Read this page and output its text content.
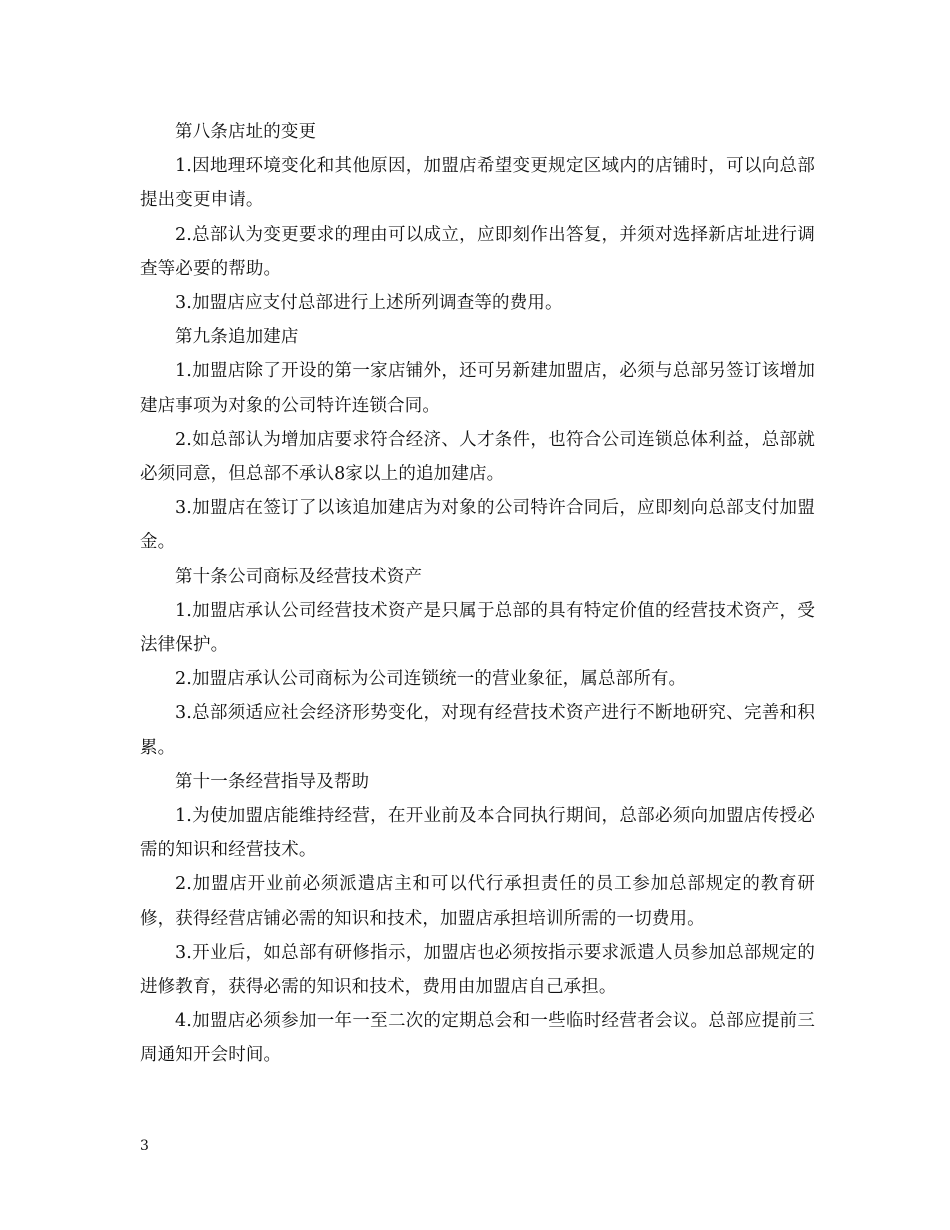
第八条店址的变更

1.因地理环境变化和其他原因，加盟店希望变更规定区域内的店铺时，可以向总部提出变更申请。

2.总部认为变更要求的理由可以成立，应即刻作出答复，并须对选择新店址进行调查等必要的帮助。

3.加盟店应支付总部进行上述所列调查等的费用。

第九条追加建店

1.加盟店除了开设的第一家店铺外，还可另新建加盟店，必须与总部另签订该增加建店事项为对象的公司特许连锁合同。

2.如总部认为增加店要求符合经济、人才条件，也符合公司连锁总体利益，总部就必须同意，但总部不承认8家以上的追加建店。

3.加盟店在签订了以该追加建店为对象的公司特许合同后，应即刻向总部支付加盟金。

第十条公司商标及经营技术资产

1.加盟店承认公司经营技术资产是只属于总部的具有特定价值的经营技术资产，受法律保护。

2.加盟店承认公司商标为公司连锁统一的营业象征，属总部所有。

3.总部须适应社会经济形势变化，对现有经营技术资产进行不断地研究、完善和积累。

第十一条经营指导及帮助

1.为使加盟店能维持经营，在开业前及本合同执行期间，总部必须向加盟店传授必需的知识和经营技术。

2.加盟店开业前必须派遣店主和可以代行承担责任的员工参加总部规定的教育研修，获得经营店铺必需的知识和技术，加盟店承担培训所需的一切费用。

3.开业后，如总部有研修指示，加盟店也必须按指示要求派遣人员参加总部规定的进修教育，获得必需的知识和技术，费用由加盟店自己承担。

4.加盟店必须参加一年一至二次的定期总会和一些临时经营者会议。总部应提前三周通知开会时间。

3
